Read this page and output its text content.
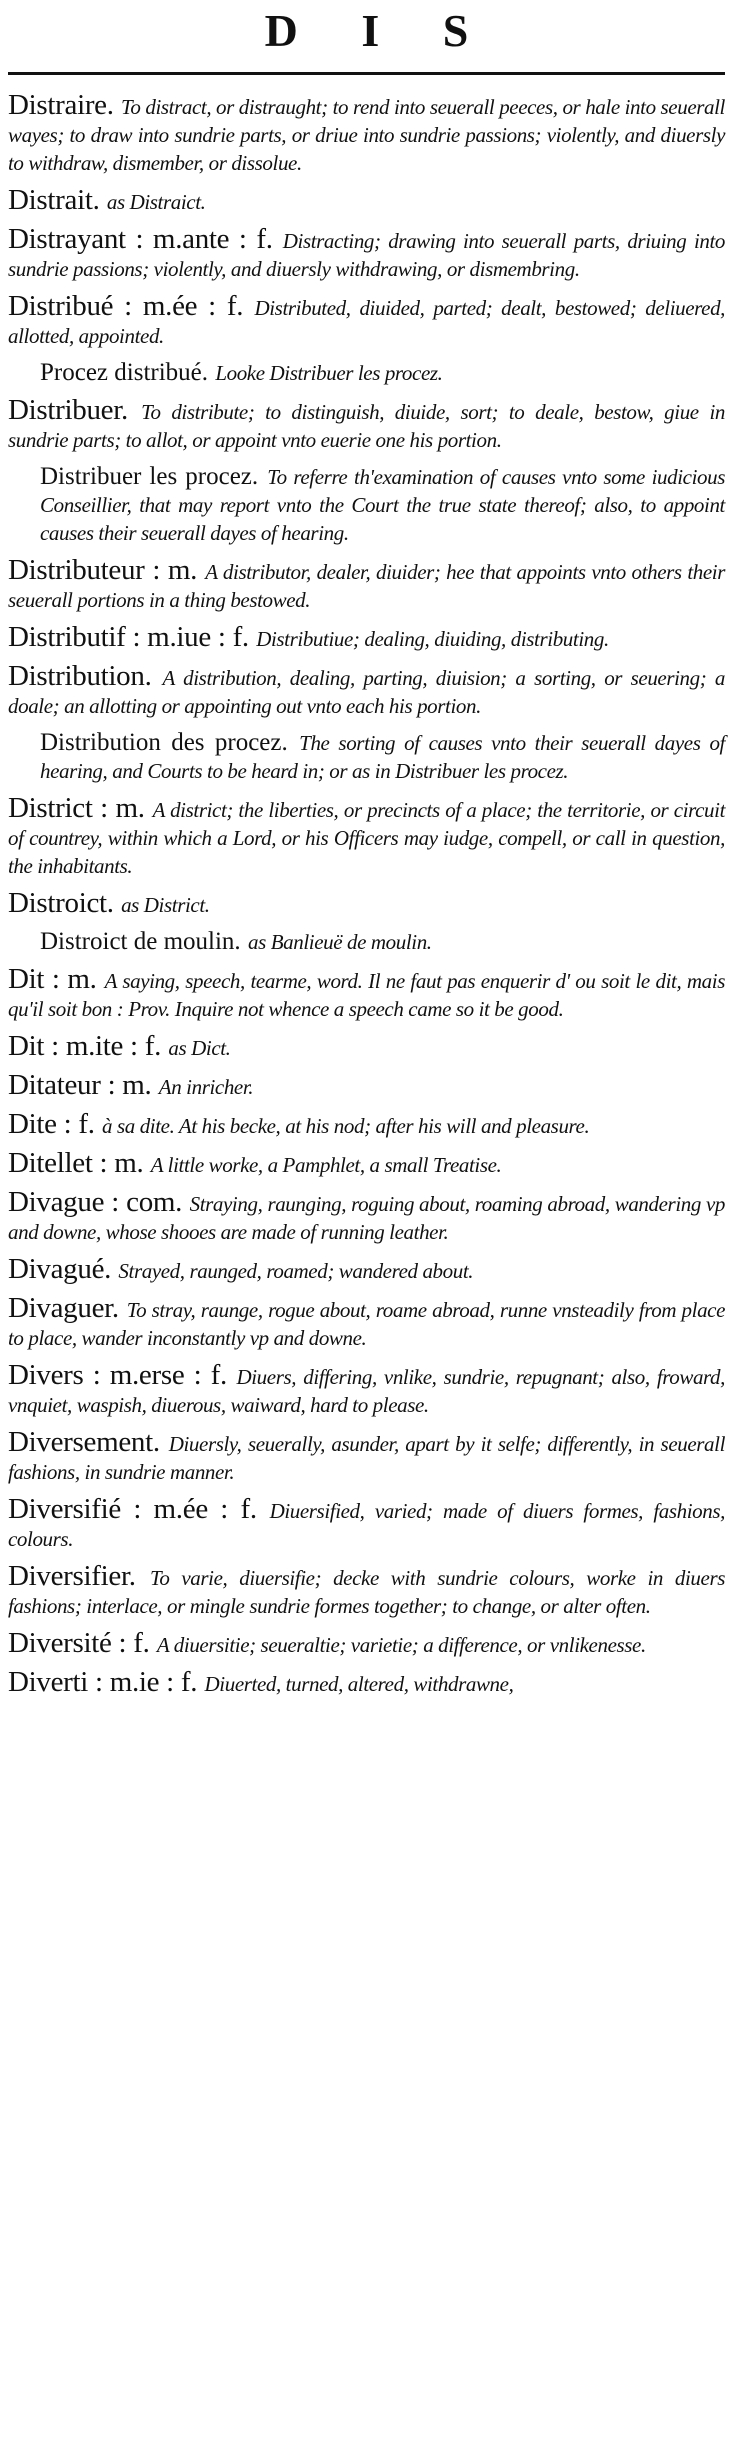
D I S

Distraire. To distract, or distraught; to rend into seuerall peeces, or hale into seuerall wayes; to draw into sundrie parts, or driue into sundrie passions; violently, and diuersly to withdraw, dismember, or dissolue.

Distrait. as Distraict.

Distrayant : m.ante : f. Distracting; drawing into seuerall parts, driuing into sundrie passions; violently, and diuersly withdrawing, or dismembring.

Distribué : m.ée : f. Distributed, diuided, parted; dealt, bestowed; deliuered, allotted, appointed.

Procez distribué. Looke Distribuer les procez.

Distribuer. To distribute; to distinguish, diuide, sort; to deale, bestow, giue in sundrie parts; to allot, or appoint vnto euerie one his portion.

Distribuer les procez. To referre th'examination of causes vnto some iudicious Conseillier, that may report vnto the Court the true state thereof; also, to appoint causes their seuerall dayes of hearing.

Distributeur : m. A distributor, dealer, diuider; hee that appoints vnto others their seuerall portions in a thing bestowed.

Distributif : m.iue : f. Distributiue; dealing, diuiding, distributing.

Distribution. A distribution, dealing, parting, diuision; a sorting, or seuering; a doale; an allotting or appointing out vnto each his portion.

Distribution des procez. The sorting of causes vnto their seuerall dayes of hearing, and Courts to be heard in; or as in Distribuer les procez.

District : m. A district; the liberties, or precincts of a place; the territorie, or circuit of countrey, within which a Lord, or his Officers may iudge, compell, or call in question, the inhabitants.

Distroict. as District.

Distroict de moulin. as Banlieuë de moulin.

Dit : m. A saying, speech, tearme, word. Il ne faut pas enquerir d' ou soit le dit, mais qu'il soit bon : Prov. Inquire not whence a speech came so it be good.

Dit : m.ite : f. as Dict.

Ditateur : m. An inricher.

Dite : f. à sa dite. At his becke, at his nod; after his will and pleasure.

Ditellet : m. A little worke, a Pamphlet, a small Treatise.

Divague : com. Straying, raunging, roguing about, roaming abroad, wandering vp and downe, whose shooes are made of running leather.

Divagué. Strayed, raunged, roamed; wandered about.

Divaguer. To stray, raunge, rogue about, roame abroad, runne vnsteadily from place to place, wander inconstantly vp and downe.

Divers : m.erse : f. Diuers, differing, vnlike, sundrie, repugnant; also, froward, vnquiet, waspish, diuerous, waiward, hard to please.

Diversement. Diuersly, seuerally, asunder, apart by it selfe; differently, in seuerall fashions, in sundrie manner.

Diversifié : m.ée : f. Diuersified, varied; made of diuers formes, fashions, colours.

Diversifier. To varie, diuersifie; decke with sundrie colours, worke in diuers fashions; interlace, or mingle sundrie formes together; to change, or alter often.

Diversité : f. A diuersitie; seueraltie; varietie; a difference, or vnlikenesse.

Diverti : m.ie : f. Diuerted, turned, altered, withdrawne,
